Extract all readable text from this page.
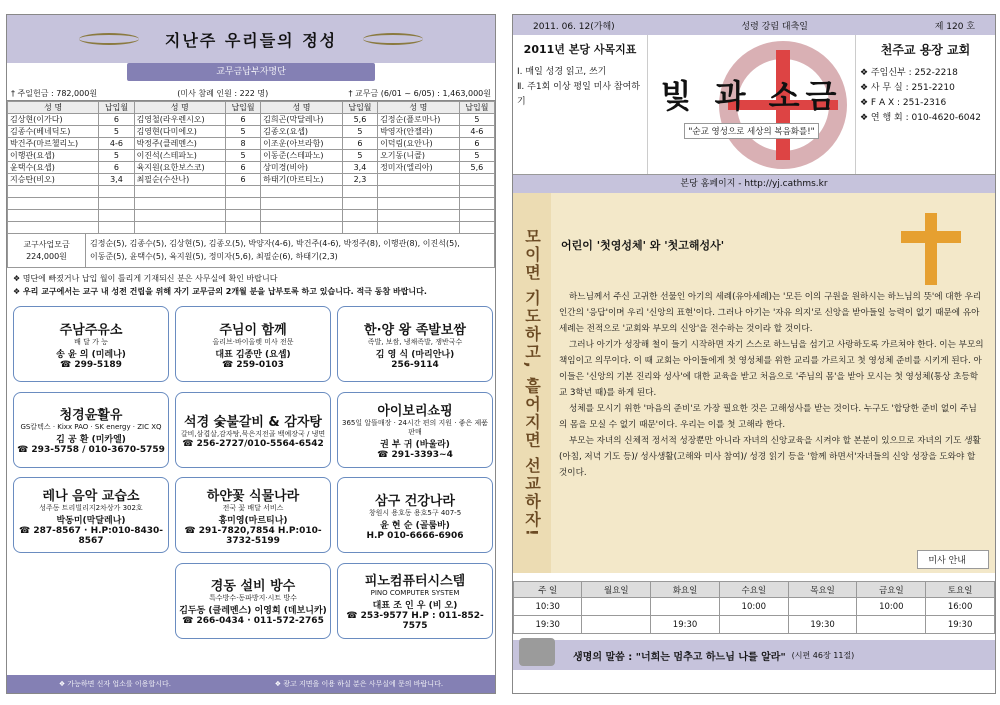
지난주 우리들의 정성
교무금납부자명단
† 주일헌금 : 782,000원	(미사 참례 인원 : 222 명)	† 교무금 (6/01 ~ 6/05) : 1,463,000원
성 명	납입월	성 명	납입월	성 명	납입월	성 명	납입월
김상현(이가다)	6	김영철(라우렌시오)	6	김희곤(막달레나)	5,6	김정순(플로마나)	5
김종수(베네딕도)	5	김영현(다미에오)	5	김종오(요셉)	5	박영자(안젤라)	4-6
박건주(마르첼리노)	4-6	박정주(클레멘스)	8	이조운(아브라함)	6	이덕림(요안나)	6
이행관(요셉)	5	이진석(스테파노)	5	이동준(스테파노)	5	오기동(니콜)	5
윤택수(요셉)	6	육지원(요한보스코)	6	상미경(비아)	3,4	정미자(엘리아)	5,6
지승탄(비오)	3,4	최필순(수산나)	6	하태기(마르티노)	2,3		

교구사업모금
224,000원
김정순(5), 김종수(5), 김상현(5), 김종오(5), 박양자(4-6), 박건주(4-6), 박정주(8), 이행관(8), 이진석(5),
이동준(5), 윤택수(5), 육지원(5), 정미자(5,6), 최필순(6), 하태기(2,3)
❖ 명단에 빠졌거나 납입 월이 틀리게 기재되신 분은 사무실에 확인 바랍니다
❖ 우리 교구에서는 교구 내 성전 건립을 위해 자기 교무금의 2개월 분을 납부토록 하고 있습니다. 적극 동참 바랍니다.
주남주유소
배 달 가 능
송 윤 의 (미레나)
☎ 299-5189
주님이 함께
올리브·바이올렛 미사 전문
대표 김종만 (요셉)
☎ 259-0103
한·양 왕 족발보쌈
족발, 보쌈, 냉채족발, 쟁반국수
김 영 식 (마리안나)
256-9114
청경윤활유
GS칼텍스 · Kixx PAO · SK energy · ZIC XQ
김 공 환 (미카엘)
☎ 293-5758 / 010-3670-5759
석경 숯불갈비 & 감자탕
갈비,삼겹살,감자탕,묵은지전골 백예장국 / 냉면
☎ 256-2727/010-5564-6542
아이보리쇼핑
365일 알뜰매장 · 24시간 편의 지원 · 좋은 제품 판매
권 부 귀 (바울라)
☎ 291-3393~4
레나 음악 교습소
성주동 트리빌리지2차상가 302호
박동미(막달레나)
☎ 287-8567 · H.P:010-8430-8567
하얀꽃 식물나라
전국 꽃 배달 서비스
홍미영(마르티나)
☎ 291-7820,7854 H.P:010-3732-5199
삼구 건강나라
창원시 용호동 용호5구 407-5
윤 현 순 (골룸바)
H.P 010-6666-6906
경동 설비 방수
특수방수·동파방지·시트 방수
김두동 (클레멘스) 이영희 (데보니카)
☎ 266-0434 · 011-572-2765
피노컴퓨터시스템
PINO COMPUTER SYSTEM
대표 조 인 우 (비 오)
☎ 253-9577 H.P : 011-852-7575
❖ 가능하면 신자 업소를 이용합시다.	❖ 광고 지면을 이용 하실 분은 사무실에 문의 바랍니다.
2011. 06. 12(가해)	성령 강림 대축일	제 120 호
2011년 본당 사목지표
Ⅰ. 매일 성경 읽고, 쓰기
Ⅱ. 주1회 이상 평일 미사 참여하기	빛 과 소금
"순교 영성으로 세상의 복음화를!"
천주교 용장 교회
❖ 주임신부 : 252-2218
❖ 사 무 실 : 251-2210
❖ F A X : 251-2316
❖ 연 행 회 : 010-4620-6042
본당 홈페이지 - http://yj.cathms.kr
모이면 기도하고, 흩어지면 선교하자!	어린이 '첫영성체' 와 '첫고해성사'

하느님께서 주신 고귀한 선물인 아기의 세례(유아세례)는 '모든 이의 구원을 원하시는 하느님의 뜻'에 대한 우리 인간의 '응답'이며 우리 '신앙의 표현'이다. 그러나 아기는 '자유 의지'로 신앙을 받아들일 능력이 없기 때문에 유아세례는 전적으로 '교회와 부모의 신앙'을 전수하는 것이라 할 것이다.

그러나 아기가 성장해 철이 들기 시작하면 자기 스스로 하느님을 섬기고 사랑하도록 가르쳐야 한다. 이는 부모의 책임이고 의무이다. 이 때 교회는 아이들에게 첫 영성체를 위한 교리를 가르치고 첫 영성체 준비를 시키게 된다. 아이들은 '신앙의 기본 진리와 성사'에 대한 교육을 받고 처음으로 '주님의 몸'을 받아 모시는 첫 영성체(통상 초등학교 3학년 때)를 하게 된다.

성체를 모시기 위한 '마음의 준비'로 가장 필요한 것은 고해성사를 받는 것이다. 누구도 '합당한 준비 없이 주님의 몸을 모실 수 없기 때문'이다. 우리는 이를 첫 고해라 한다.

부모는 자녀의 신체적 정서적 성장뿐만 아니라 자녀의 신앙교육을 시켜야 할 본분이 있으므로 자녀의 기도 생활(아침, 저녁 기도 등)/ 성사생활(고해와 미사 참여)/ 성경 읽기 등을 '함께 하면서'자녀들의 신앙 성장을 도와야 할 것이다.

미사 안내
주 일	월요일	화요일	수요일	목요일	금요일	토요일
10:30			10:00		10:00	16:00
19:30		19:30		19:30		19:30
생명의 말씀 : "너희는 멈추고 하느님 나를 알라" (시편 46장 11절)
